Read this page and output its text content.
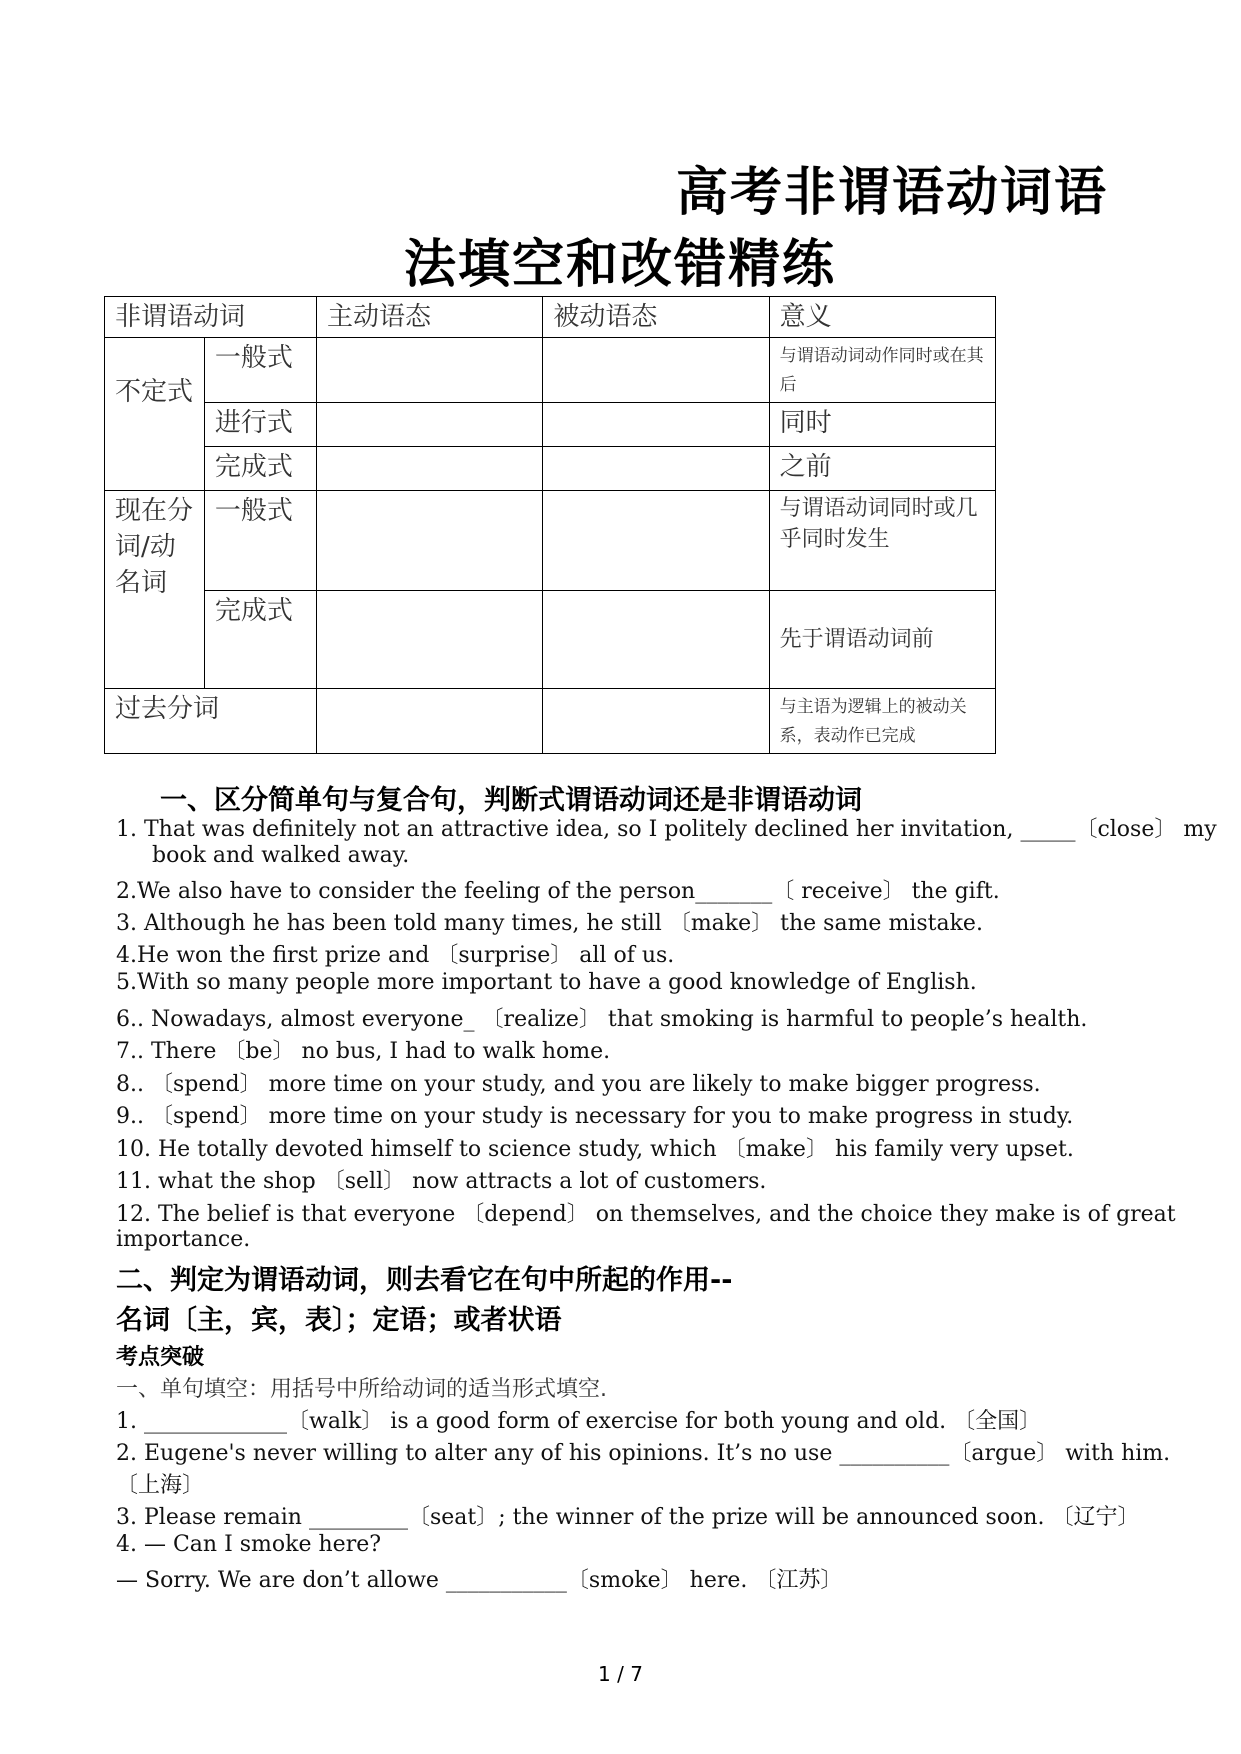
高考非谓语动词语
法填空和改错精练
非谓语动词		主动语态	被动语态	意义
不定式	一般式			与谓语动词动作同时或在其后
	进行式			同时
	完成式			之前
现在分词/动名词	一般式			与谓语动词同时或几乎同时发生
	完成式			先于谓语动词前
过去分词				与主语为逻辑上的被动关系，表动作已完成
一、区分简单句与复合句，判断式谓语动词还是非谓语动词
1. That was definitely not an attractive idea, so I politely declined her invitation, _____〔close〕 my
book and walked away.
2.We also have to consider the feeling of the person_______〔 receive〕 the gift.
3. Although he has been told many times, he still 〔make〕 the same mistake.
4.He won the first prize and 〔surprise〕 all of us.
5.With so many people more important to have a good knowledge of English.
6.. Nowadays, almost everyone_ 〔realize〕 that smoking is harmful to people’s health.
7.. There 〔be〕 no bus, I had to walk home.
8.. 〔spend〕 more time on your study, and you are likely to make bigger progress.
9.. 〔spend〕 more time on your study is necessary for you to make progress in study.
10. He totally devoted himself to science study, which 〔make〕 his family very upset.
11. what the shop 〔sell〕 now attracts a lot of customers.
12. The belief is that everyone 〔depend〕 on themselves, and the choice they make is of great
importance.
二、判定为谓语动词，则去看它在句中所起的作用--
名词〔主，宾，表〕；定语；或者状语
考点突破
一、单句填空：用括号中所给动词的适当形式填空.
1. _____________〔walk〕 is a good form of exercise for both young and old. 〔全国〕
2. Eugene's never willing to alter any of his opinions. It’s no use __________〔argue〕 with him.
〔上海〕
3. Please remain _________〔seat〕; the winner of the prize will be announced soon. 〔辽宁〕
4. — Can I smoke here?
— Sorry. We are don’t allowe ___________〔smoke〕 here. 〔江苏〕
1 / 7
